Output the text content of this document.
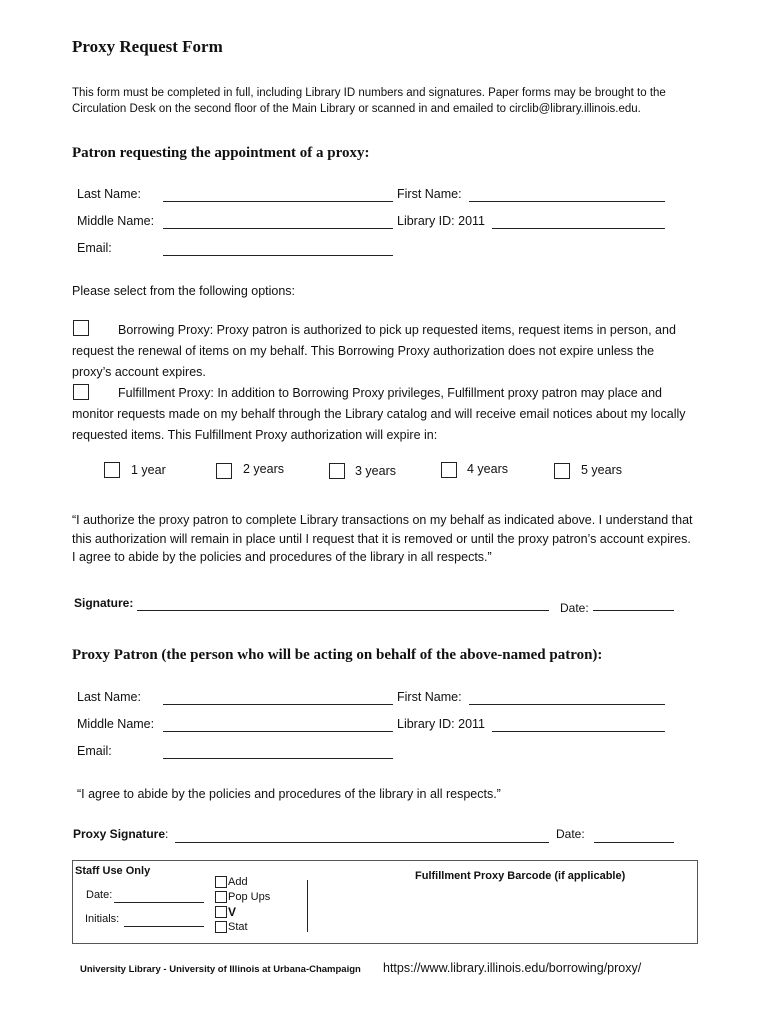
Proxy Request Form
This form must be completed in full, including Library ID numbers and signatures. Paper forms may be brought to the Circulation Desk on the second floor of the Main Library or scanned in and emailed to circlib@library.illinois.edu.
Patron requesting the appointment of a proxy:
Last Name:	First Name:
Middle Name:	Library ID: 2011
Email:
Please select from the following options:
Borrowing Proxy: Proxy patron is authorized to pick up requested items, request items in person, and request the renewal of items on my behalf. This Borrowing Proxy authorization does not expire unless the proxy’s account expires.
Fulfillment Proxy: In addition to Borrowing Proxy privileges, Fulfillment proxy patron may place and monitor requests made on my behalf through the Library catalog and will receive email notices about my locally requested items. This Fulfillment Proxy authorization will expire in:
1 year	2 years	3 years	4 years	5 years
“I authorize the proxy patron to complete Library transactions on my behalf as indicated above. I understand that this authorization will remain in place until I request that it is removed or until the proxy patron’s account expires. I agree to abide by the policies and procedures of the library in all respects.”
Signature:	Date:
Proxy Patron (the person who will be acting on behalf of the above-named patron):
Last Name:	First Name:
Middle Name:	Library ID: 2011
Email:
“I agree to abide by the policies and procedures of the library in all respects.”
Proxy Signature:	Date:
Staff Use Only
Date:
Initials:
Add
Pop Ups
V
Stat
Fulfillment Proxy Barcode (if applicable)
University Library - University of Illinois at Urbana-Champaign https://www.library.illinois.edu/borrowing/proxy/
